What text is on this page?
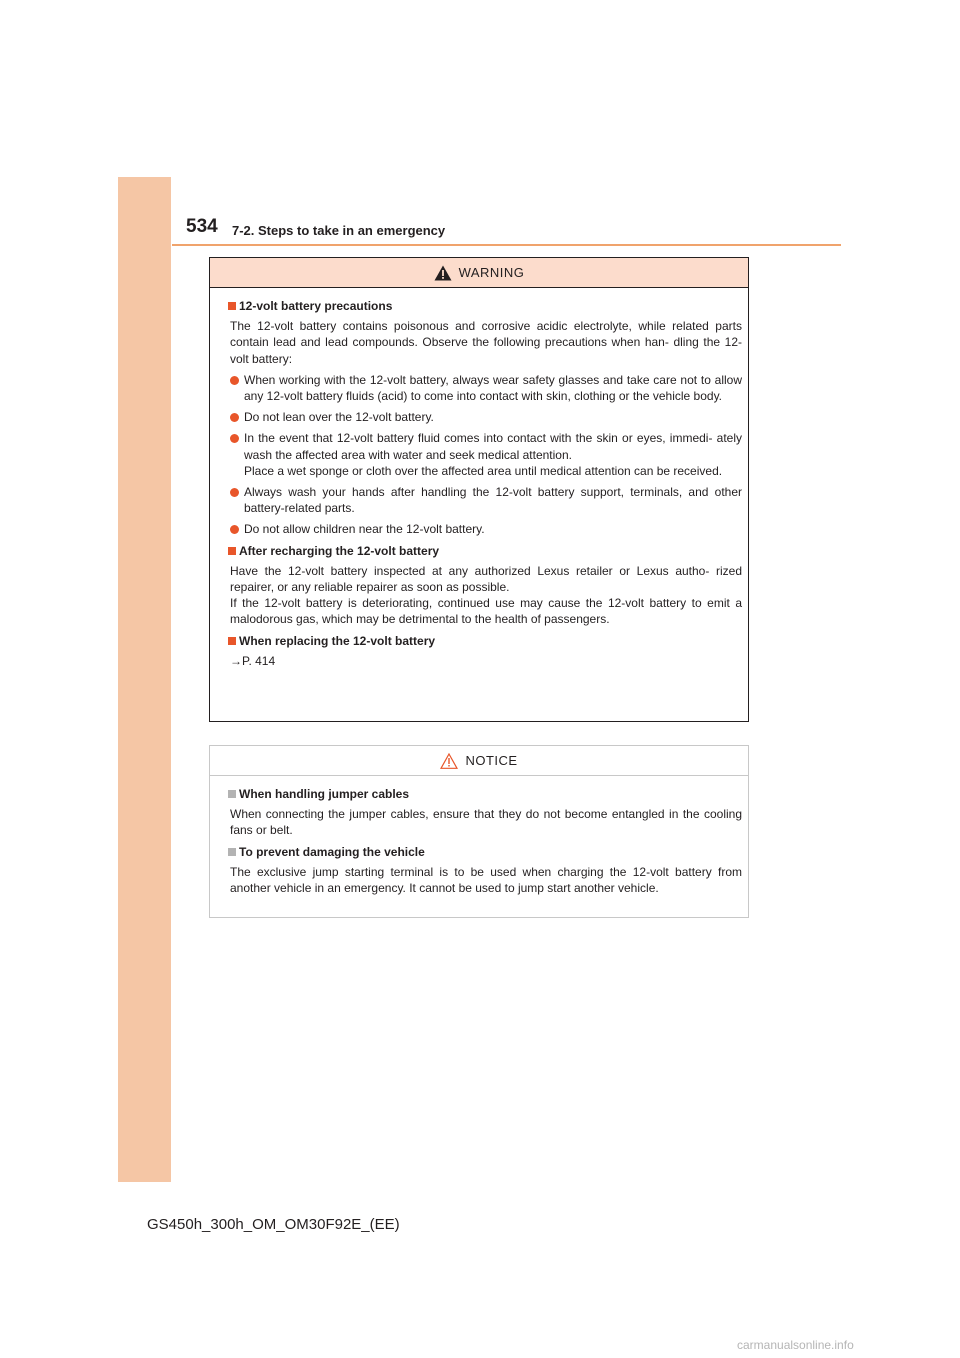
534 7-2. Steps to take in an emergency
WARNING
12-volt battery precautions
The 12-volt battery contains poisonous and corrosive acidic electrolyte, while related parts contain lead and lead compounds. Observe the following precautions when han- dling the 12-volt battery:
When working with the 12-volt battery, always wear safety glasses and take care not to allow any 12-volt battery fluids (acid) to come into contact with skin, clothing or the vehicle body.
Do not lean over the 12-volt battery.
In the event that 12-volt battery fluid comes into contact with the skin or eyes, immedi- ately wash the affected area with water and seek medical attention.
Place a wet sponge or cloth over the affected area until medical attention can be received.
Always wash your hands after handling the 12-volt battery support, terminals, and other battery-related parts.
Do not allow children near the 12-volt battery.
After recharging the 12-volt battery
Have the 12-volt battery inspected at any authorized Lexus retailer or Lexus autho- rized repairer, or any reliable repairer as soon as possible.
If the 12-volt battery is deteriorating, continued use may cause the 12-volt battery to emit a malodorous gas, which may be detrimental to the health of passengers.
When replacing the 12-volt battery
→P. 414
NOTICE
When handling jumper cables
When connecting the jumper cables, ensure that they do not become entangled in the cooling fans or belt.
To prevent damaging the vehicle
The exclusive jump starting terminal is to be used when charging the 12-volt battery from another vehicle in an emergency. It cannot be used to jump start another vehicle.
GS450h_300h_OM_OM30F92E_(EE)
carmanualsonline.info
